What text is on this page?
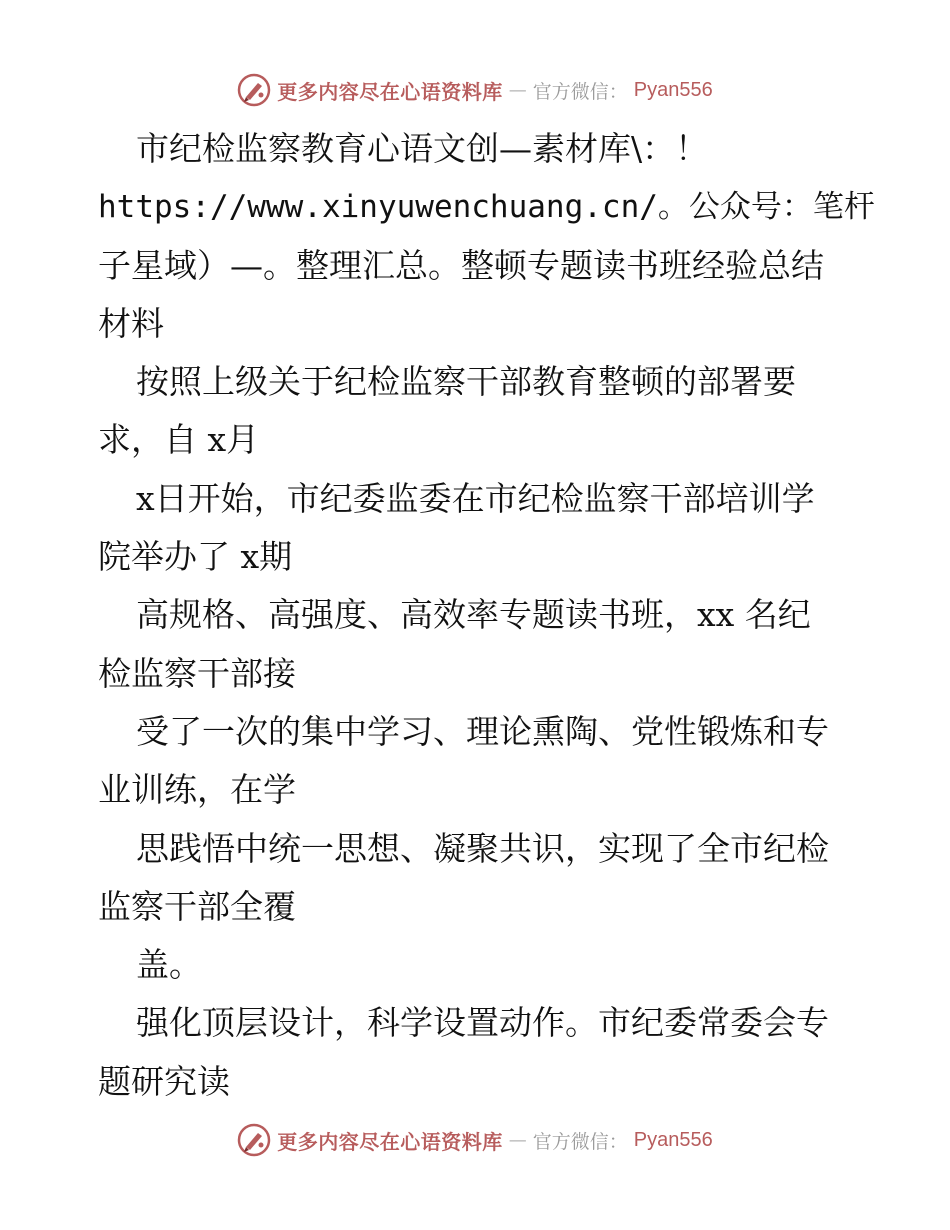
更多内容尽在心语资料库 — 官方微信： Pyan556
市纪检监察教育心语文创—素材库\：！
https://www.xinyuwenchuang.cn/。公众号：笔杆
子星域）—。整理汇总。整顿专题读书班经验总结
材料
按照上级关于纪检监察干部教育整顿的部署要
求，自 x月
x日开始，市纪委监委在市纪检监察干部培训学
院举办了 x期
高规格、高强度、高效率专题读书班，xx 名纪
检监察干部接
受了一次的集中学习、理论熏陶、党性锻炼和专
业训练，在学
思践悟中统一思想、凝聚共识，实现了全市纪检
监察干部全覆
盖。
强化顶层设计，科学设置动作。市纪委常委会专
题研究读
更多内容尽在心语资料库 — 官方微信： Pyan556
